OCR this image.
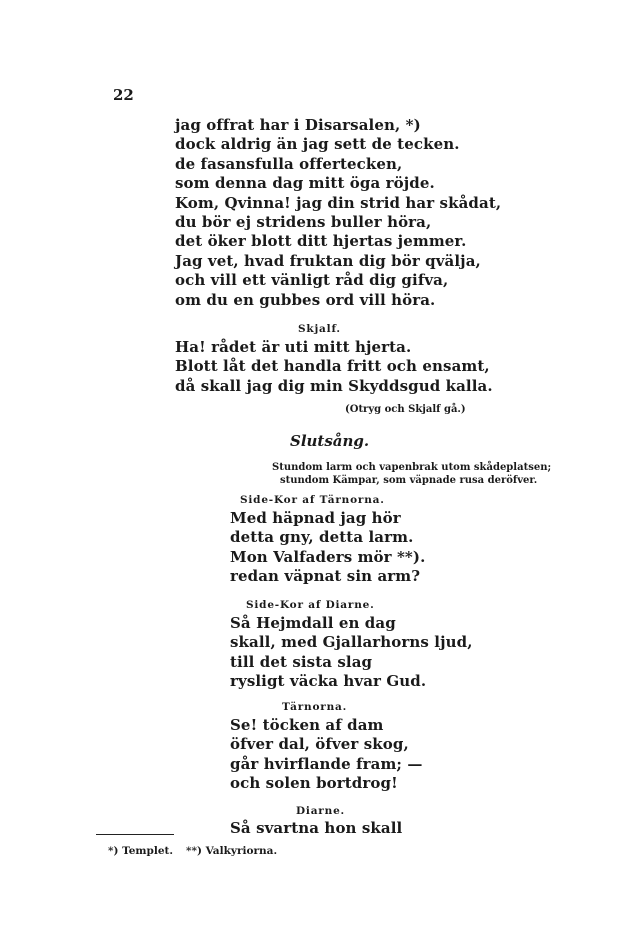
22
jag offrat har i Disarsalen, *)
dock aldrig än jag sett de tecken.
de fasansfulla offertecken,
som denna dag mitt öga röjde.
Kom, Qvinna! jag din strid har skådat,
du bör ej stridens buller höra,
det öker blott ditt hjertas jemmer.
Jag vet, hvad fruktan dig bör qvälja,
och vill ett vänligt råd dig gifva,
om du en gubbes ord vill höra.
Skjalf.
Ha! rådet är uti mitt hjerta.
Blott låt det handla fritt och ensamt,
då skall jag dig min Skyddsgud kalla.
(Otryg och Skjalf gå.)
Slutsång.
Stundom larm och vapenbrak utom skådeplatsen;
stundom Kämpar, som väpnade rusa deröfver.
Side-Kor af Tärnorna.
Med häpnad jag hör
detta gny, detta larm.
Mon Valfaders mör **).
redan väpnat sin arm?
Side-Kor af Diarne.
Så Hejmdall en dag
skall, med Gjallarhorns ljud,
till det sista slag
rysligt väcka hvar Gud.
Tärnorna.
Se! töcken af dam
öfver dal, öfver skog,
går hvirflande fram; —
och solen bortdrog!
Diarne.
Så svartna hon skall
*) Templet. **) Valkyriorna.
